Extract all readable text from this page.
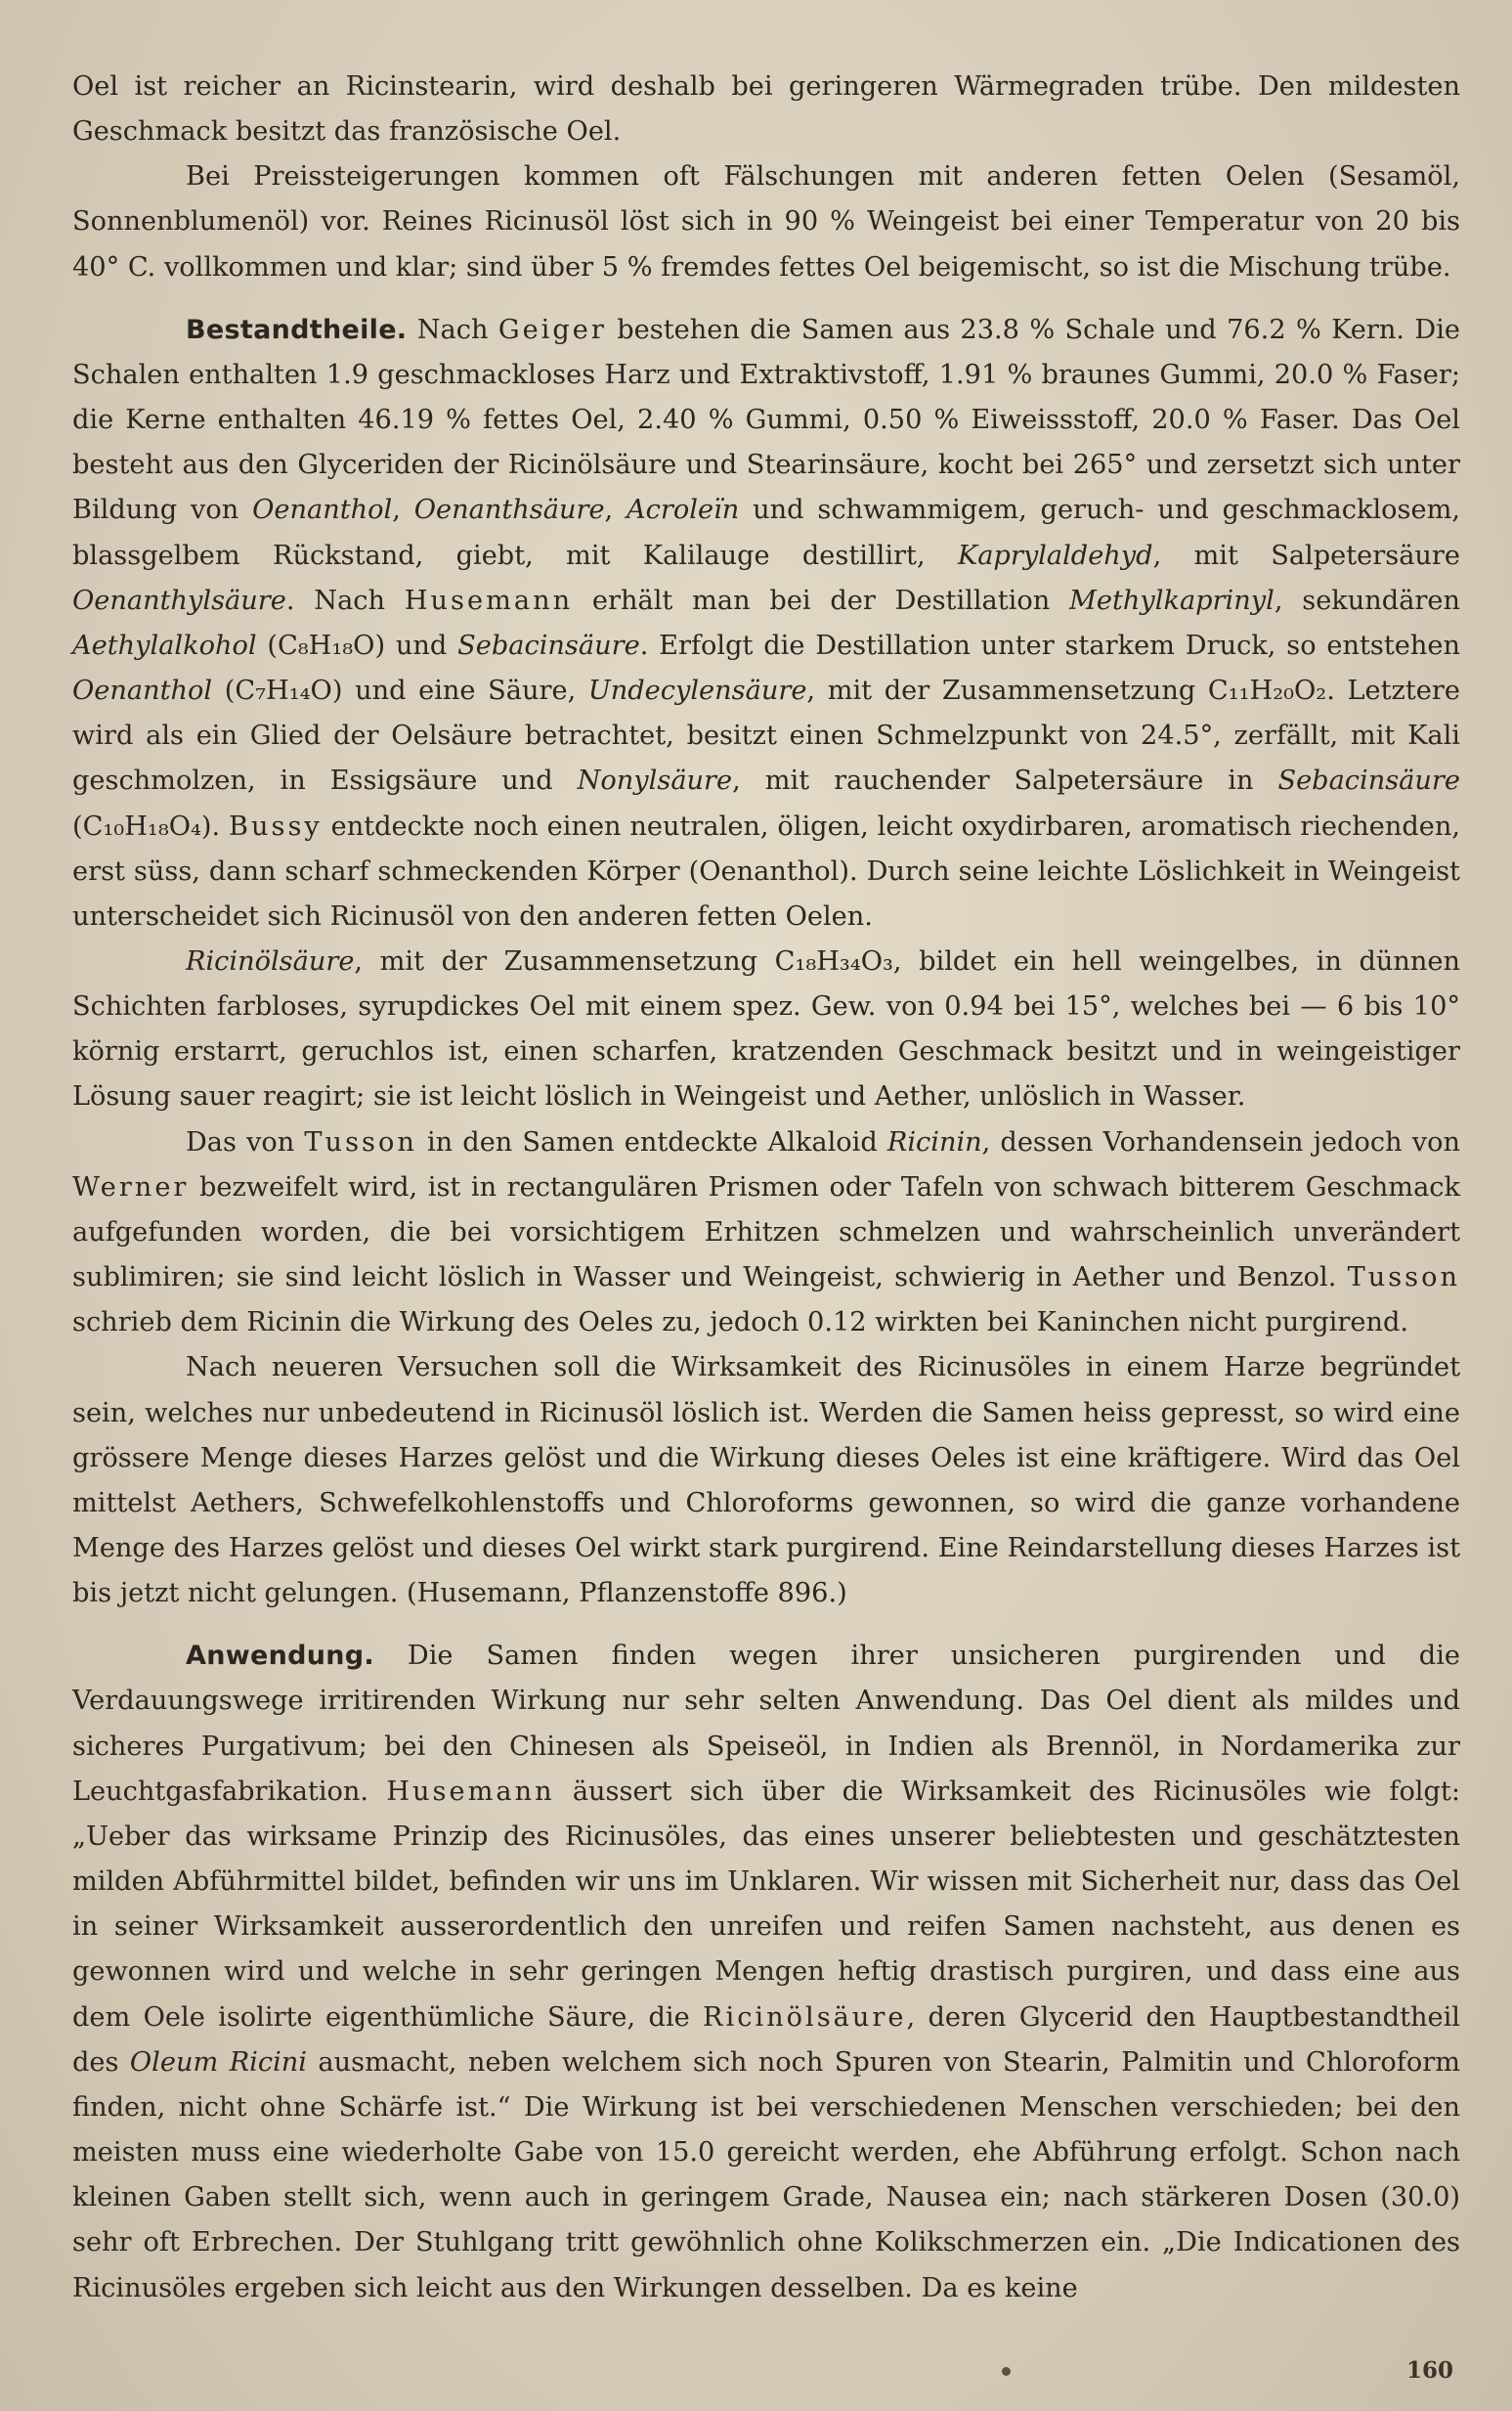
Oel ist reicher an Ricinstearin, wird deshalb bei geringeren Wärmegraden trübe. Den mildesten Geschmack besitzt das französische Oel.

Bei Preissteigerungen kommen oft Fälschungen mit anderen fetten Oelen (Sesamöl, Sonnenblumenöl) vor. Reines Ricinusöl löst sich in 90 % Weingeist bei einer Temperatur von 20 bis 40° C. vollkommen und klar; sind über 5 % fremdes fettes Oel beigemischt, so ist die Mischung trübe.

Bestandtheile. Nach Geiger bestehen die Samen aus 23.8 % Schale und 76.2 % Kern. Die Schalen enthalten 1.9 geschmackloses Harz und Extraktivstoff, 1.91 % braunes Gummi, 20.0 % Faser; die Kerne enthalten 46.19 % fettes Oel, 2.40 % Gummi, 0.50 % Eiweissstoff, 20.0 % Faser. Das Oel besteht aus den Glyceriden der Ricinölsäure und Stearinsäure, kocht bei 265° und zersetzt sich unter Bildung von Oenanthol, Oenanthsäure, Acroleïn und schwammigem, geruch- und geschmacklosem, blassgelbem Rückstand, giebt, mit Kalilauge destillirt, Kaprylaldehyd, mit Salpetersäure Oenanthylsäure. Nach Husemann erhält man bei der Destillation Methylkaprinyl, sekundären Aethylalkohol (C₈H₁₈O) und Sebacinsäure. Erfolgt die Destillation unter starkem Druck, so entstehen Oenanthol (C₇H₁₄O) und eine Säure, Undecylensäure, mit der Zusammensetzung C₁₁H₂₀O₂. Letztere wird als ein Glied der Oelsäure betrachtet, besitzt einen Schmelzpunkt von 24.5°, zerfällt, mit Kali geschmolzen, in Essigsäure und Nonylsäure, mit rauchender Salpetersäure in Sebacinsäure (C₁₀H₁₈O₄). Bussy entdeckte noch einen neutralen, öligen, leicht oxydirbaren, aromatisch riechenden, erst süss, dann scharf schmeckenden Körper (Oenanthol). Durch seine leichte Löslichkeit in Weingeist unterscheidet sich Ricinusöl von den anderen fetten Oelen.

Ricinölsäure, mit der Zusammensetzung C₁₈H₃₄O₃, bildet ein hell weingelbes, in dünnen Schichten farbloses, syrupdickes Oel mit einem spez. Gew. von 0.94 bei 15°, welches bei — 6 bis 10° körnig erstarrt, geruchlos ist, einen scharfen, kratzenden Geschmack besitzt und in weingeistiger Lösung sauer reagirt; sie ist leicht löslich in Weingeist und Aether, unlöslich in Wasser.

Das von Tusson in den Samen entdeckte Alkaloid Ricinin, dessen Vorhandensein jedoch von Werner bezweifelt wird, ist in rectangulären Prismen oder Tafeln von schwach bitterem Geschmack aufgefunden worden, die bei vorsichtigem Erhitzen schmelzen und wahrscheinlich unverändert sublimiren; sie sind leicht löslich in Wasser und Weingeist, schwierig in Aether und Benzol. Tusson schrieb dem Ricinin die Wirkung des Oeles zu, jedoch 0.12 wirkten bei Kaninchen nicht purgirend.

Nach neueren Versuchen soll die Wirksamkeit des Ricinusöles in einem Harze begründet sein, welches nur unbedeutend in Ricinusöl löslich ist. Werden die Samen heiss gepresst, so wird eine grössere Menge dieses Harzes gelöst und die Wirkung dieses Oeles ist eine kräftigere. Wird das Oel mittelst Aethers, Schwefelkohlenstoffs und Chloroforms gewonnen, so wird die ganze vorhandene Menge des Harzes gelöst und dieses Oel wirkt stark purgirend. Eine Reindarstellung dieses Harzes ist bis jetzt nicht gelungen. (Husemann, Pflanzenstoffe 896.)

Anwendung. Die Samen finden wegen ihrer unsicheren purgirenden und die Verdauungswege irritirenden Wirkung nur sehr selten Anwendung. Das Oel dient als mildes und sicheres Purgativum; bei den Chinesen als Speiseöl, in Indien als Brennöl, in Nordamerika zur Leuchtgasfabrikation. Husemann äussert sich über die Wirksamkeit des Ricinusöles wie folgt: „Ueber das wirksame Prinzip des Ricinusöles, das eines unserer beliebtesten und geschätztesten milden Abführmittel bildet, befinden wir uns im Unklaren. Wir wissen mit Sicherheit nur, dass das Oel in seiner Wirksamkeit ausserordentlich den unreifen und reifen Samen nachsteht, aus denen es gewonnen wird und welche in sehr geringen Mengen heftig drastisch purgiren, und dass eine aus dem Oele isolirte eigenthümliche Säure, die Ricinölsäure, deren Glycerid den Hauptbestandtheil des Oleum Ricini ausmacht, neben welchem sich noch Spuren von Stearin, Palmitin und Chloroform finden, nicht ohne Schärfe ist.“ Die Wirkung ist bei verschiedenen Menschen verschieden; bei den meisten muss eine wiederholte Gabe von 15.0 gereicht werden, ehe Abführung erfolgt. Schon nach kleinen Gaben stellt sich, wenn auch in geringem Grade, Nausea ein; nach stärkeren Dosen (30.0) sehr oft Erbrechen. Der Stuhlgang tritt gewöhnlich ohne Kolikschmerzen ein. „Die Indicationen des Ricinusöles ergeben sich leicht aus den Wirkungen desselben. Da es keine

160
